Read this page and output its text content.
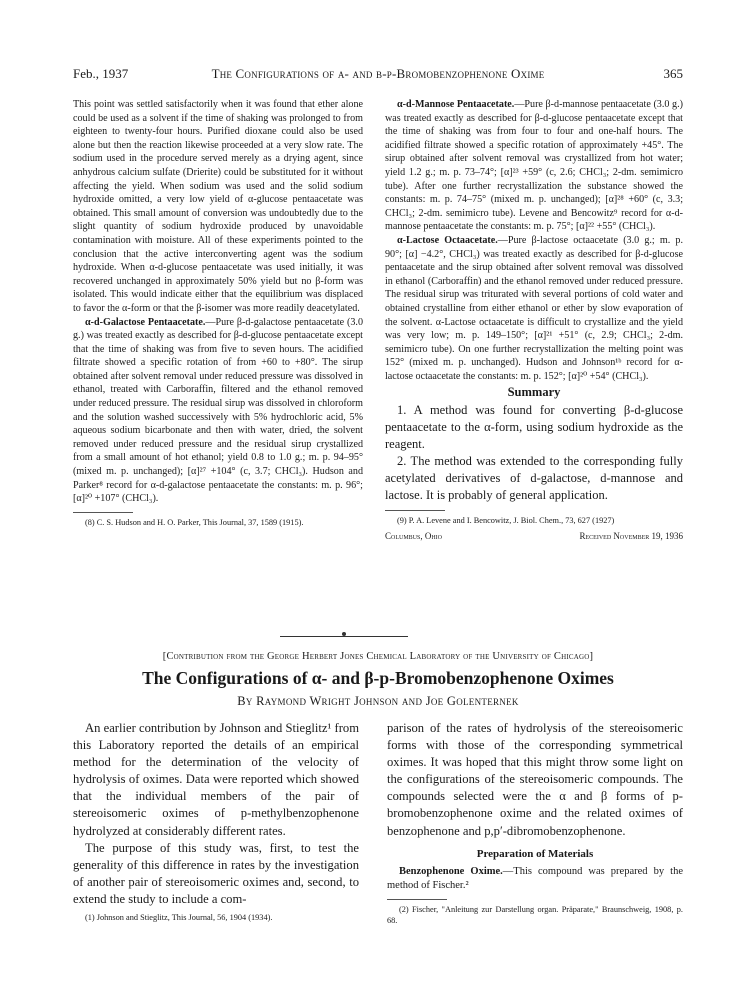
Feb., 1937	The Configurations of α- and β-p-Bromobenzophenone Oxime	365

This point was settled satisfactorily when it was found that ether alone could be used as a solvent if the time of shaking was prolonged to from eighteen to twenty-four hours. Purified dioxane could also be used alone but then the reaction likewise proceeded at a very slow rate. The sodium used in the procedure served merely as a drying agent, since anhydrous calcium sulfate (Drierite) could be substituted for it without affecting the yield. When sodium was used and the solid sodium hydroxide omitted, a very low yield of α-glucose pentaacetate was obtained. This small amount of conversion was undoubtedly due to the slight quantity of sodium hydroxide produced by unavoidable contamination with moisture. All of these experiments pointed to the conclusion that the active interconverting agent was the sodium hydroxide. When α-d-glucose pentaacetate was used initially, it was recovered unchanged in approximately 50% yield but no β-form was isolated. This would indicate either that the equilibrium was displaced to favor the α-form or that the β-isomer was more readily deacetylated.

α-d-Galactose Pentaacetate.—Pure β-d-galactose pentaacetate (3.0 g.) was treated exactly as described for β-d-glucose pentaacetate except that the time of shaking was from five to seven hours. The acidified filtrate showed a specific rotation of from +60 to +80°. The sirup obtained after solvent removal under reduced pressure was dissolved in ethanol, treated with Carboraffin, filtered and the ethanol removed under reduced pressure. The residual sirup was dissolved in chloroform and the solution washed successively with 5% hydrochloric acid, 5% aqueous sodium bicarbonate and then with water, dried, the solvent removed under reduced pressure and the residual sirup crystallized from a small amount of hot ethanol; yield 0.8 to 1.0 g.; m. p. 94–95° (mixed m. p. unchanged); [α]²⁷ +104° (c, 3.7; CHCl₃). Hudson and Parker⁸ record for α-d-galactose pentaacetate the constants: m. p. 96°; [α]²⁰ +107° (CHCl₃).

(8) C. S. Hudson and H. O. Parker, This Journal, 37, 1589 (1915).

α-d-Mannose Pentaacetate.—Pure β-d-mannose pentaacetate (3.0 g.) was treated exactly as described for β-d-glucose pentaacetate except that the time of shaking was from four to four and one-half hours. The acidified filtrate showed a specific rotation of approximately +45°. The sirup obtained after solvent removal was crystallized from hot water; yield 1.2 g.; m. p. 73–74°; [α]²³ +59° (c, 2.6; CHCl₃; 2-dm. semimicro tube). After one further recrystallization the substance showed the constants: m. p. 74–75° (mixed m. p. unchanged); [α]²⁸ +60° (c, 3.3; CHCl₃; 2-dm. semimicro tube). Levene and Bencowitz⁹ record for α-d-mannose pentaacetate the constants: m. p. 75°; [α]²² +55° (CHCl₃).

α-Lactose Octaacetate.—Pure β-lactose octaacetate (3.0 g.; m. p. 90°; [α] −4.2°, CHCl₃) was treated exactly as described for β-d-glucose pentaacetate and the sirup obtained after solvent removal was dissolved in ethanol (Carboraffin) and the ethanol removed under reduced pressure. The residual sirup was triturated with several portions of cold water and obtained crystalline from either ethanol or ether by slow evaporation of the solvent. α-Lactose octaacetate is difficult to crystallize and the yield was very low; m. p. 149–150°; [α]²¹ +51° (c, 2.9; CHCl₃; 2-dm. semimicro tube). On one further recrystallization the melting point was 152° (mixed m. p. unchanged). Hudson and Johnson¹ᵇ record for α-lactose octaacetate the constants: m. p. 152°; [α]²⁰ +54° (CHCl₃).

Summary

1. A method was found for converting β-d-glucose pentaacetate to the α-form, using sodium hydroxide as the reagent.

2. The method was extended to the corresponding fully acetylated derivatives of d-galactose, d-mannose and lactose. It is probably of general application.

(9) P. A. Levene and I. Bencowitz, J. Biol. Chem., 73, 627 (1927)

Columbus, Ohio	Received November 19, 1936
[Contribution from the George Herbert Jones Chemical Laboratory of the University of Chicago]
The Configurations of α- and β-p-Bromobenzophenone Oximes
By Raymond Wright Johnson and Joe Golenternek

An earlier contribution by Johnson and Stieglitz¹ from this Laboratory reported the details of an empirical method for the determination of the velocity of hydrolysis of oximes. Data were reported which showed that the individual members of the pair of stereoisomeric oximes of p-methylbenzophenone hydrolyzed at considerably different rates.

The purpose of this study was, first, to test the generality of this difference in rates by the investigation of another pair of stereoisomeric oximes and, second, to extend the study to include a com-

(1) Johnson and Stieglitz, This Journal, 56, 1904 (1934).

parison of the rates of hydrolysis of the stereoisomeric forms with those of the corresponding symmetrical oximes. It was hoped that this might throw some light on the configurations of the stereoisomeric compounds. The compounds selected were the α and β forms of p-bromobenzophenone oxime and the related oximes of benzophenone and p,p′-dibromobenzophenone.

Preparation of Materials

Benzophenone Oxime.—This compound was prepared by the method of Fischer.²

(2) Fischer, "Anleitung zur Darstellung organ. Präparate," Braunschweig, 1908, p. 68.
